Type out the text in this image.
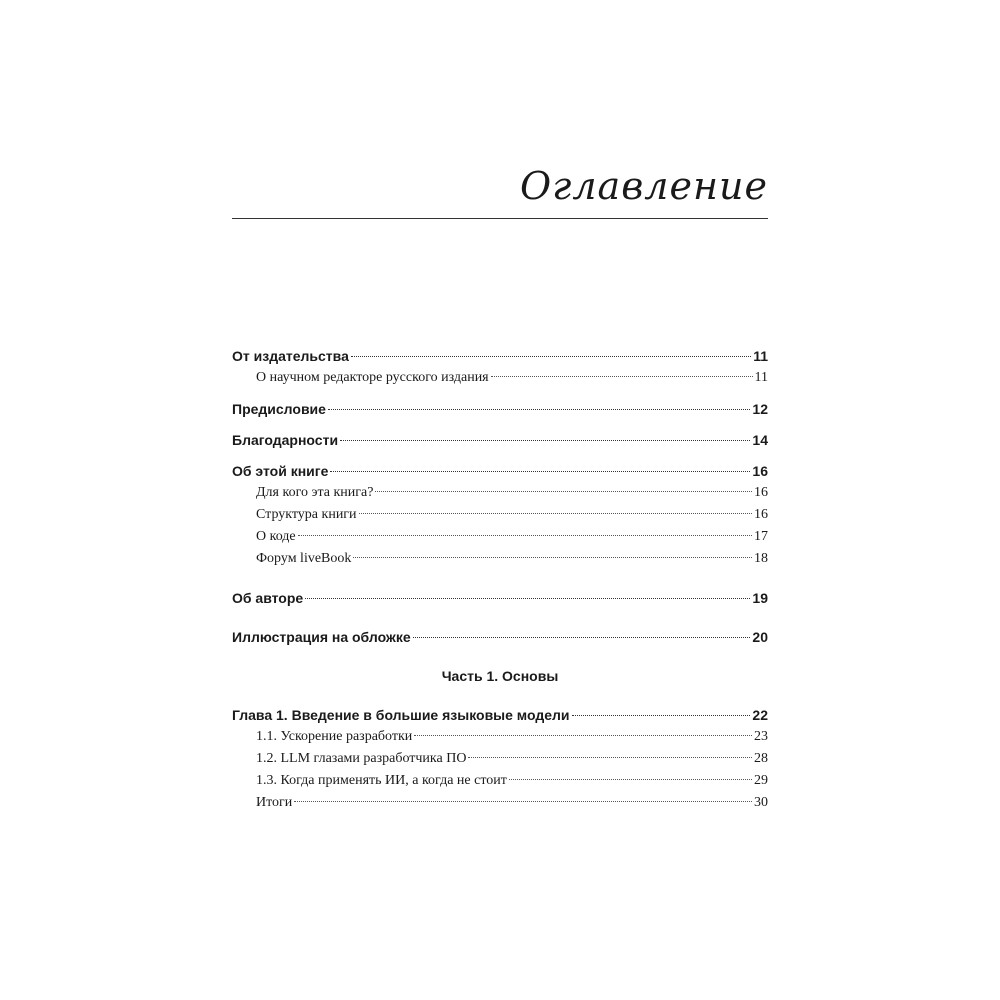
Оглавление
От издательства	11
О научном редакторе русского издания	11
Предисловие	12
Благодарности	14
Об этой книге	16
Для кого эта книга?	16
Структура книги	16
О коде	17
Форум liveBook	18
Об авторе	19
Иллюстрация на обложке	20
Часть 1. Основы
Глава 1. Введение в большие языковые модели	22
1.1. Ускорение разработки	23
1.2. LLM глазами разработчика ПО	28
1.3. Когда применять ИИ, а когда не стоит	29
Итоги	30
